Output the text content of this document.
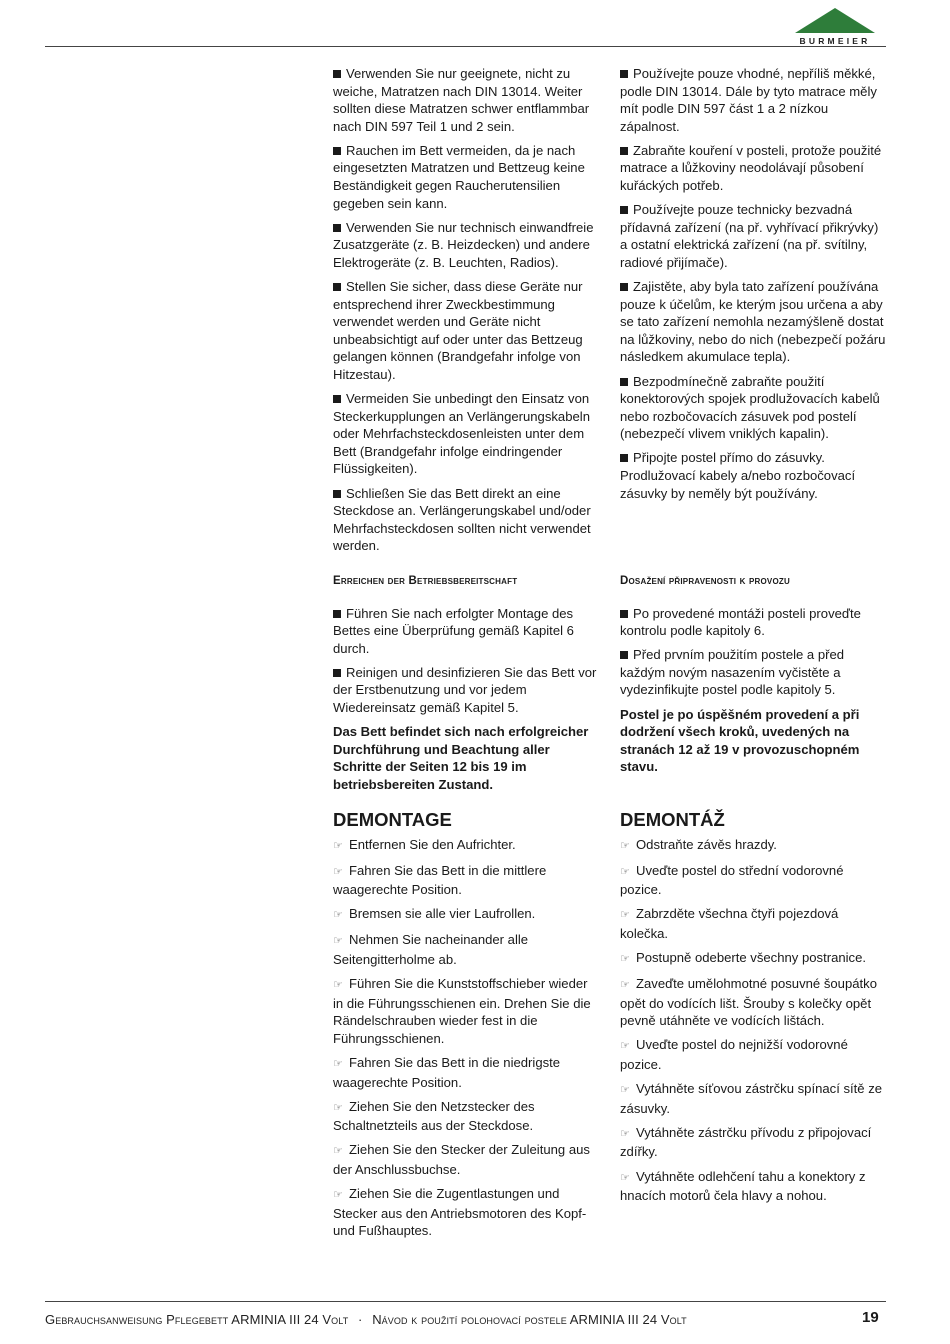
BURMEIER

Verwenden Sie nur geeignete, nicht zu weiche, Matratzen nach DIN 13014. Weiter sollten diese Matratzen schwer entflammbar nach DIN 597 Teil 1 und 2 sein.

Rauchen im Bett vermeiden, da je nach eingesetzten Matratzen und Bettzeug keine Beständigkeit gegen Raucherutensilien gegeben sein kann.

Verwenden Sie nur technisch einwandfreie Zusatzgeräte (z. B. Heizdecken) und andere Elektrogeräte (z. B. Leuchten, Radios).

Stellen Sie sicher, dass diese Geräte nur entsprechend ihrer Zweckbestimmung verwendet werden und Geräte nicht unbeabsichtigt auf oder unter das Bettzeug gelangen können (Brandgefahr infolge von Hitzestau).

Vermeiden Sie unbedingt den Einsatz von Steckerkupplungen an Verlängerungskabeln oder Mehrfachsteckdosenleisten unter dem Bett (Brandgefahr infolge eindringender Flüssigkeiten).

Schließen Sie das Bett direkt an eine Steckdose an. Verlängerungskabel und/oder Mehrfachsteckdosen sollten nicht verwendet werden.

Používejte pouze vhodné, nepříliš měkké, podle DIN 13014. Dále by tyto matrace měly mít podle DIN 597 část 1 a 2 nízkou zápalnost.

Zabraňte kouření v posteli, protože použité matrace a lůžkoviny neodolávají působení kuřáckých potřeb.

Používejte pouze technicky bezvadná přídavná zařízení (na př. vyhřívací přikrývky) a ostatní elektrická zařízení (na př. svítilny, radiové přijímače).

Zajistěte, aby byla tato zařízení používána pouze k účelům, ke kterým jsou určena a aby se tato zařízení nemohla nezamýšleně dostat na lůžkoviny, nebo do nich (nebezpečí požáru následkem akumulace tepla).

Bezpodmínečně zabraňte použití konektorových spojek prodlužovacích kabelů nebo rozbočovacích zásuvek pod postelí (nebezpečí vlivem vniklých kapalin).

Připojte postel přímo do zásuvky. Prodlužovací kabely a/nebo rozbočovací zásuvky by neměly být používány.

Erreichen der Betriebsbereitschaft

Führen Sie nach erfolgter Montage des Bettes eine Überprüfung gemäß Kapitel 6 durch.

Reinigen und desinfizieren Sie das Bett vor der Erstbenutzung und vor jedem Wiedereinsatz gemäß Kapitel 5.

Das Bett befindet sich nach erfolgreicher Durchführung und Beachtung aller Schritte der Seiten 12 bis 19 im betriebsbereiten Zustand.

Dosažení připravenosti k provozu

Po provedené montáži posteli proveďte kontrolu podle kapitoly 6.

Před prvním použitím postele a před každým novým nasazením vyčistěte a vydezinfikujte postel podle kapitoly 5.

Postel je po úspěšném provedení a při dodržení všech kroků, uvedených na stranách 12 až 19 v provozuschopném stavu.

DEMONTAGE

☞ Entfernen Sie den Aufrichter.

☞ Fahren Sie das Bett in die mittlere waagerechte Position.

☞ Bremsen sie alle vier Laufrollen.

☞ Nehmen Sie nacheinander alle Seitengitterholme ab.

☞ Führen Sie die Kunststoffschieber wieder in die Führungsschienen ein. Drehen Sie die Rändelschrauben wieder fest in die Führungsschienen.

☞ Fahren Sie das Bett in die niedrigste waagerechte Position.

☞ Ziehen Sie den Netzstecker des Schaltnetzteils aus der Steckdose.

☞ Ziehen Sie den Stecker der Zuleitung aus der Anschlussbuchse.

☞ Ziehen Sie die Zugentlastungen und Stecker aus den Antriebsmotoren des Kopf- und Fußhauptes.

DEMONTÁŽ

☞ Odstraňte závěs hrazdy.

☞ Uveďte postel do střední vodorovné pozice.

☞ Zabrzděte všechna čtyři pojezdová kolečka.

☞ Postupně odeberte všechny postranice.

☞ Zaveďte umělohmotné posuvné šoupátko opět do vodících lišt. Šrouby s kolečky opět pevně utáhněte ve vodících lištách.

☞ Uveďte postel do nejnižší vodorovné pozice.

☞ Vytáhněte síťovou zástrčku spínací sítě ze zásuvky.

☞ Vytáhněte zástrčku přívodu z připojovací zdířky.

☞ Vytáhněte odlehčení tahu a konektory z hnacích motorů čela hlavy a nohou.

Gebrauchsanweisung Pflegebett ARMINIA III 24 Volt · Návod k použití polohovací postele ARMINIA III 24 Volt	19
